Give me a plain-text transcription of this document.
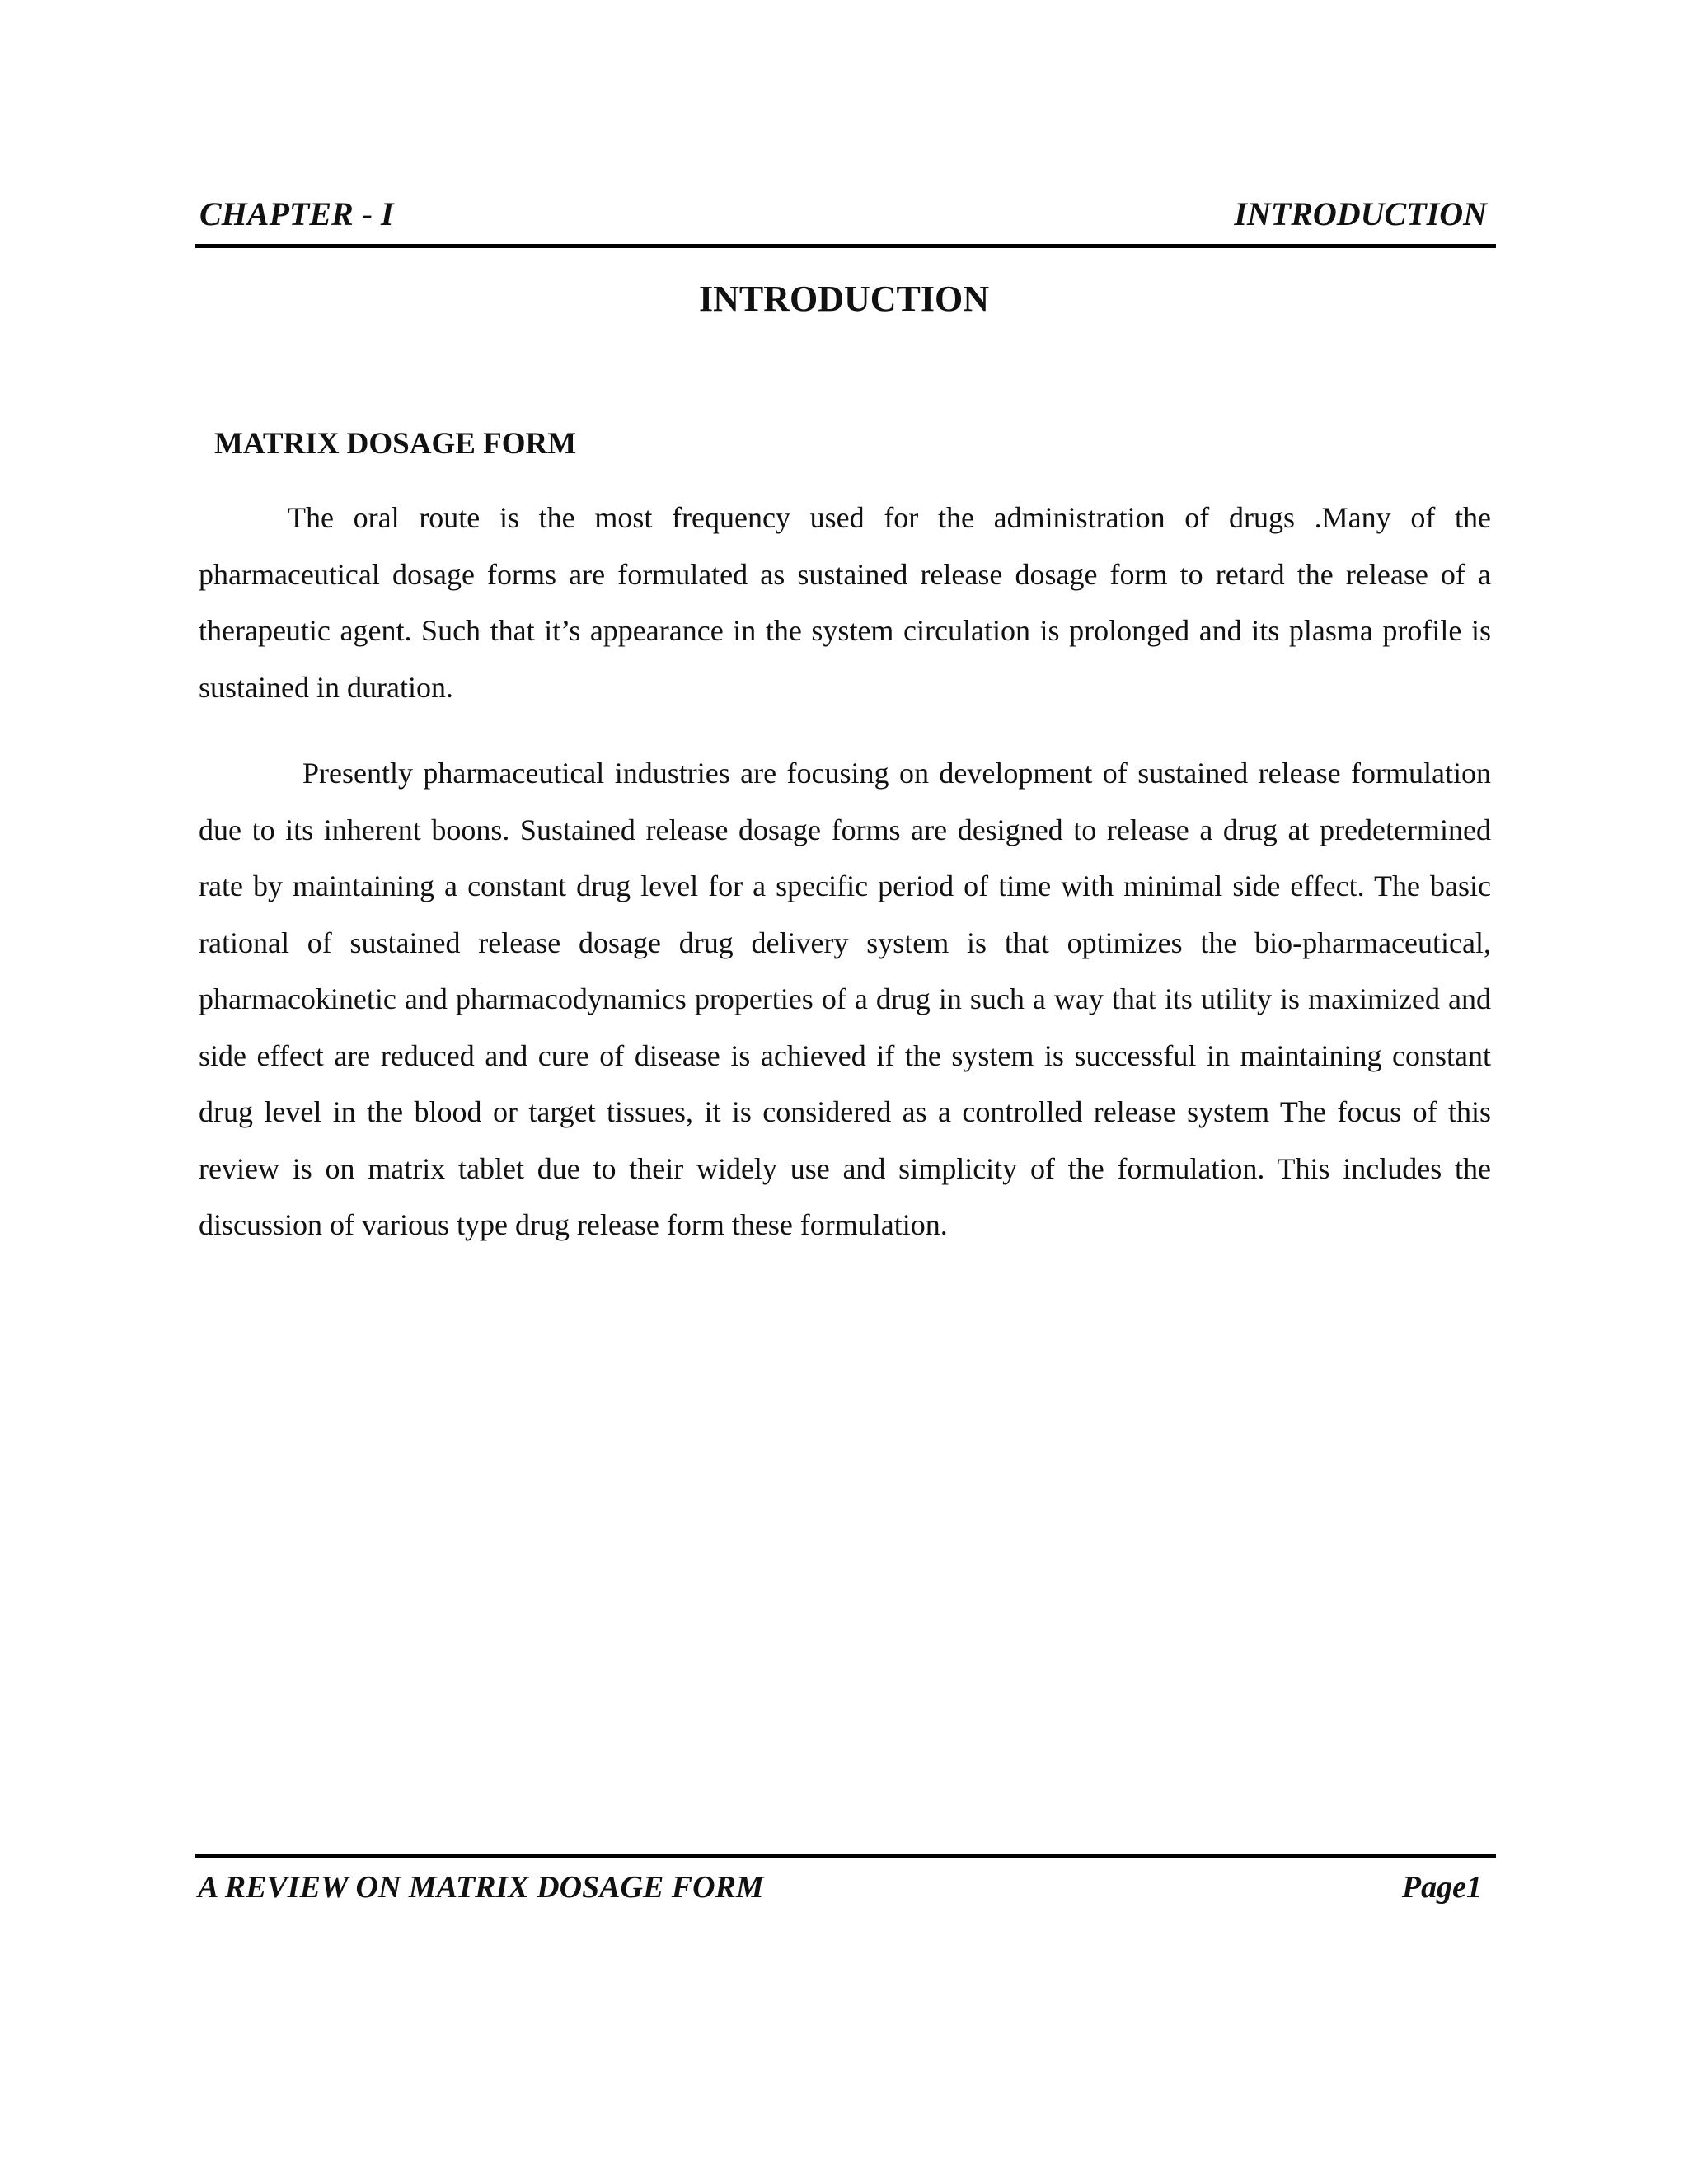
CHAPTER - I	INTRODUCTION
INTRODUCTION
MATRIX DOSAGE FORM

The oral route is the most frequency used for the administration of drugs .Many of the pharmaceutical dosage forms are formulated as sustained release dosage form to retard the release of a therapeutic agent. Such that it’s appearance in the system circulation is prolonged and its plasma profile is sustained in duration.

Presently pharmaceutical industries are focusing on development of sustained release formulation due to its inherent boons. Sustained release dosage forms are designed to release a drug at predetermined rate by maintaining a constant drug level for a specific period of time with minimal side effect. The basic rational of sustained release dosage drug delivery system is that optimizes the bio-pharmaceutical, pharmacokinetic and pharmacodynamics properties of a drug in such a way that its utility is maximized and side effect are reduced and cure of disease is achieved if the system is successful in maintaining constant drug level in the blood or target tissues, it is considered as a controlled release system The focus of this review is on matrix tablet due to their widely use and simplicity of the formulation. This includes the discussion of various type drug release form these formulation.

A REVIEW ON MATRIX DOSAGE FORM	Page1
